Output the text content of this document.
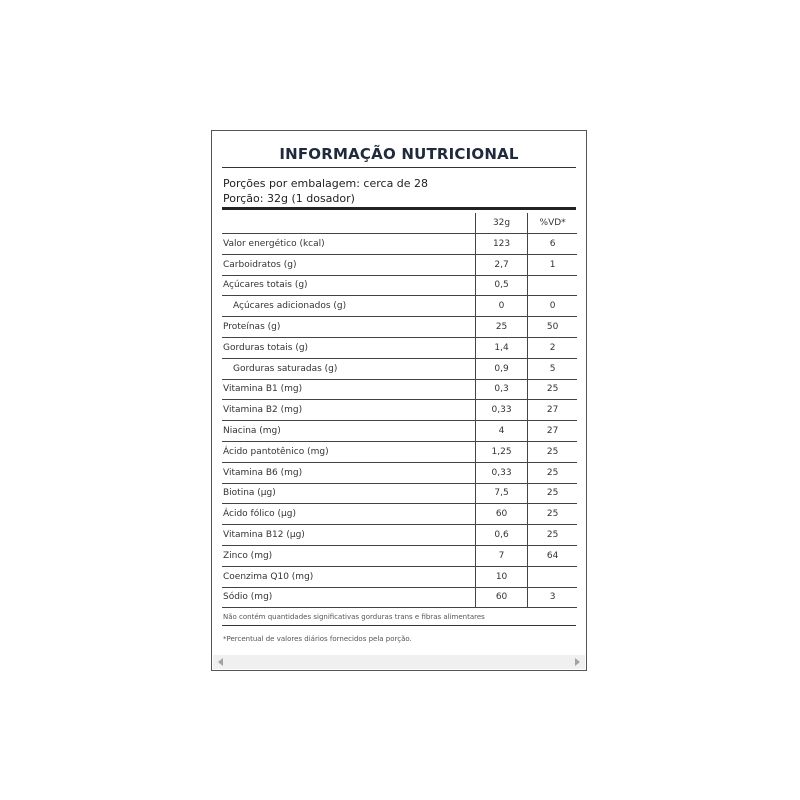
INFORMAÇÃO NUTRICIONAL
Porções por embalagem: cerca de 28
Porção: 32g (1 dosador)
	32g	%VD*
Valor energético (kcal)	123	6
Carboidratos (g)	2,7	1
Açúcares totais (g)	0,5	
Açúcares adicionados (g)	0	0
Proteínas (g)	25	50
Gorduras totais (g)	1,4	2
Gorduras saturadas (g)	0,9	5
Vitamina B1 (mg)	0,3	25
Vitamina B2 (mg)	0,33	27
Niacina (mg)	4	27
Ácido pantotênico (mg)	1,25	25
Vitamina B6 (mg)	0,33	25
Biotina (µg)	7,5	25
Ácido fólico (µg)	60	25
Vitamina B12 (µg)	0,6	25
Zinco (mg)	7	64
Coenzima Q10 (mg)	10	
Sódio (mg)	60	3
Não contém quantidades significativas gorduras trans e fibras alimentares
*Percentual de valores diários fornecidos pela porção.
